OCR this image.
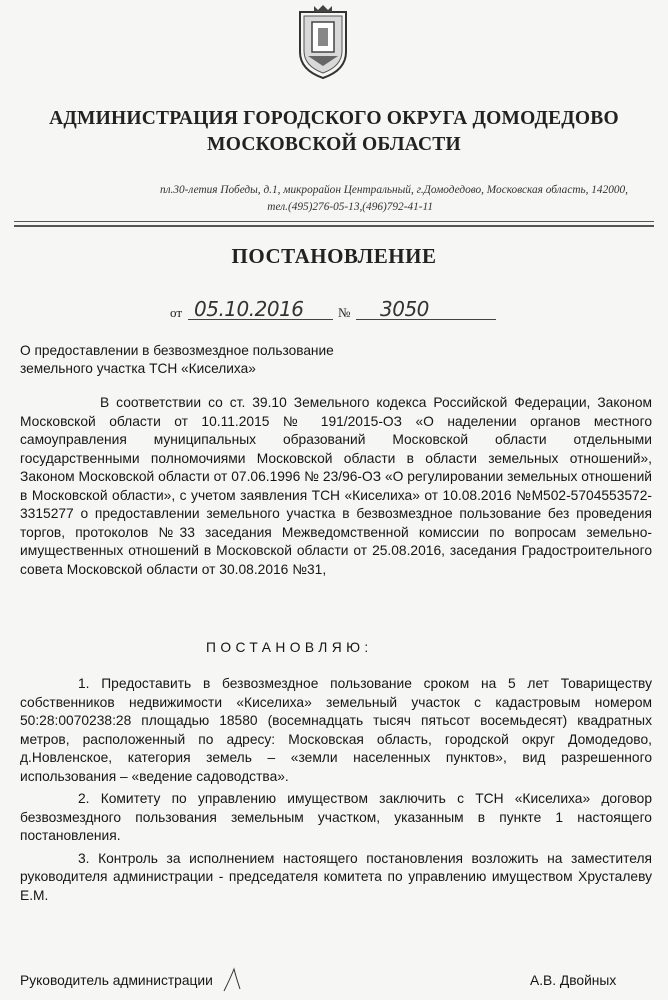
АДМИНИСТРАЦИЯ ГОРОДСКОГО ОКРУГА ДОМОДЕДОВО
МОСКОВСКОЙ ОБЛАСТИ
пл.30-летия Победы, д.1, микрорайон Центральный, г.Домодедово, Московская область, 142000,
тел.(495)276-05-13,(496)792-41-11
ПОСТАНОВЛЕНИЕ
от 05.10.2016	№ 3050
О предоставлении в безвозмездное пользование
земельного участка ТСН «Киселиха»

В соответствии со ст. 39.10 Земельного кодекса Российской Федерации, Законом Московской области от 10.11.2015 № 191/2015-ОЗ «О наделении органов местного самоуправления муниципальных образований Московской области отдельными государственными полномочиями Московской области в области земельных отношений», Законом Московской области от 07.06.1996 № 23/96-ОЗ «О регулировании земельных отношений в Московской области», с учетом заявления ТСН «Киселиха» от 10.08.2016 №М502-5704553572-3315277 о предоставлении земельного участка в безвозмездное пользование без проведения торгов, протоколов №33 заседания Межведомственной комиссии по вопросам земельно-имущественных отношений в Московской области от 25.08.2016, заседания Градостроительного совета Московской области от 30.08.2016 №31,

ПОСТАНОВЛЯЮ:

1. Предоставить в безвозмездное пользование сроком на 5 лет Товариществу собственников недвижимости «Киселиха» земельный участок с кадастровым номером 50:28:0070238:28 площадью 18580 (восемнадцать тысяч пятьсот восемьдесят) квадратных метров, расположенный по адресу: Московская область, городской округ Домодедово, д.Новленское, категория земель – «земли населенных пунктов», вид разрешенного использования – «ведение садоводства».

2. Комитету по управлению имуществом заключить с ТСН «Киселиха» договор безвозмездного пользования земельным участком, указанным в пункте 1 настоящего постановления.

3. Контроль за исполнением настоящего постановления возложить на заместителя руководителя администрации - председателя комитета по управлению имуществом Хрусталеву Е.М.

Руководитель администрации	А.В. Двойных
